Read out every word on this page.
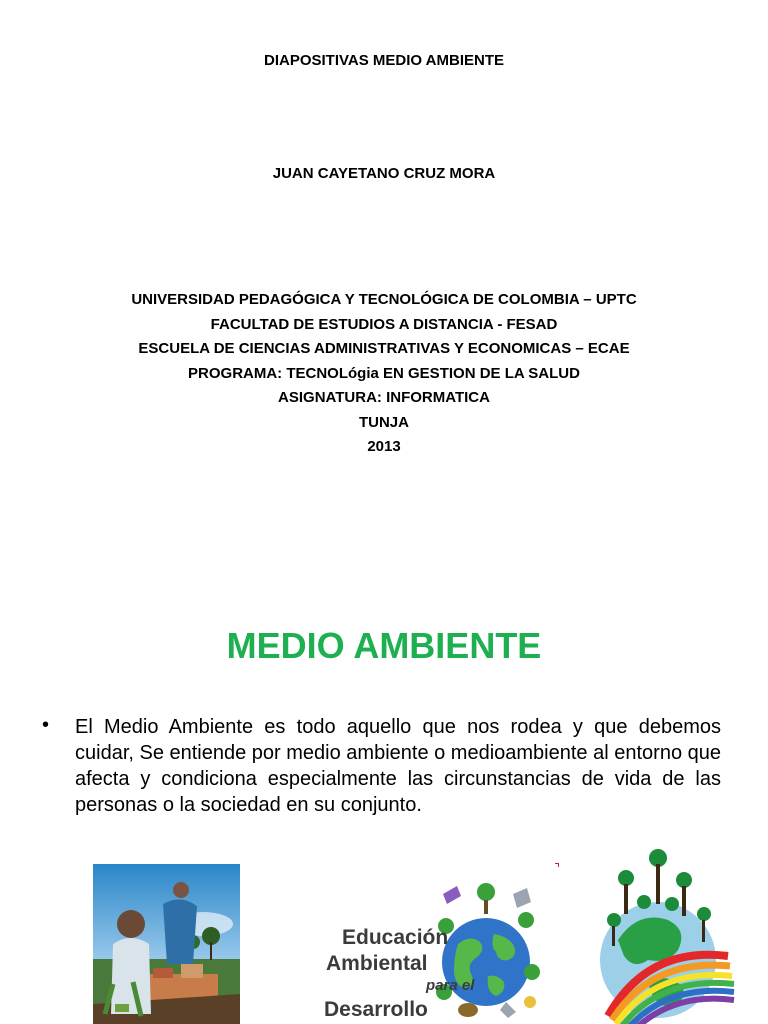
DIAPOSITIVAS MEDIO AMBIENTE
JUAN CAYETANO CRUZ MORA
UNIVERSIDAD PEDAGÓGICA Y TECNOLÓGICA DE COLOMBIA – UPTC
FACULTAD DE ESTUDIOS A DISTANCIA - FESAD
ESCUELA DE CIENCIAS ADMINISTRATIVAS Y ECONOMICAS – ECAE
PROGRAMA: TECNOLógia EN GESTION DE LA SALUD
ASIGNATURA: INFORMATICA
TUNJA
2013
MEDIO AMBIENTE
• El Medio Ambiente es todo aquello que nos rodea y que debemos cuidar, Se entiende por medio ambiente o medioambiente al entorno que afecta y condiciona especialmente las circunstancias de vida de las personas o la sociedad en su conjunto.
Educación
Ambiental
para el
Desarrollo
